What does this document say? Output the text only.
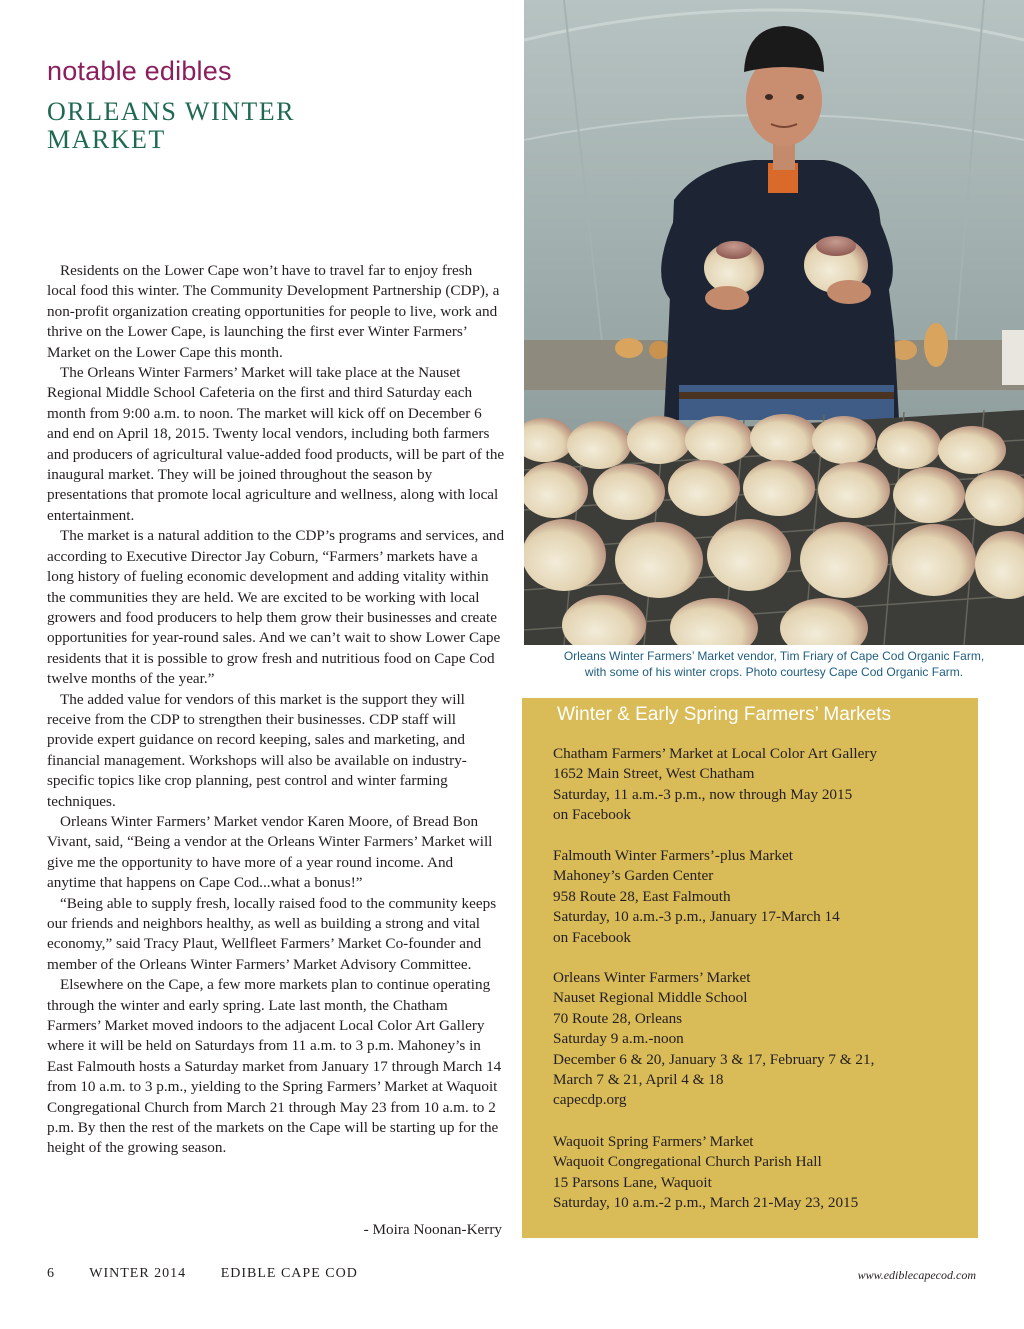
notable edibles
ORLEANS WINTER MARKET

Residents on the Lower Cape won’t have to travel far to enjoy fresh local food this winter. The Community Development Partnership (CDP), a non-profit organization creating opportunities for people to live, work and thrive on the Lower Cape, is launching the first ever Winter Farmers’ Market on the Lower Cape this month.

The Orleans Winter Farmers’ Market will take place at the Nauset Regional Middle School Cafeteria on the first and third Saturday each month from 9:00 a.m. to noon. The market will kick off on December 6 and end on April 18, 2015. Twenty local vendors, including both farmers and producers of agricultural value-added food products, will be part of the inaugural market. They will be joined throughout the season by presentations that promote local agriculture and wellness, along with local entertainment.

The market is a natural addition to the CDP’s programs and services, and according to Executive Director Jay Coburn, “Farmers’ markets have a long history of fueling economic development and adding vitality within the communities they are held. We are excited to be working with local growers and food producers to help them grow their businesses and create opportunities for year-round sales. And we can’t wait to show Lower Cape residents that it is possible to grow fresh and nutritious food on Cape Cod twelve months of the year.”

The added value for vendors of this market is the support they will receive from the CDP to strengthen their businesses. CDP staff will provide expert guidance on record keeping, sales and marketing, and financial management. Workshops will also be available on industry-specific topics like crop planning, pest control and winter farming techniques.

Orleans Winter Farmers’ Market vendor Karen Moore, of Bread Bon Vivant, said, “Being a vendor at the Orleans Winter Farmers’ Market will give me the opportunity to have more of a year round income. And anytime that happens on Cape Cod...what a bonus!”

“Being able to supply fresh, locally raised food to the community keeps our friends and neighbors healthy, as well as building a strong and vital economy,” said Tracy Plaut, Wellfleet Farmers’ Market Co-founder and member of the Orleans Winter Farmers’ Market Advisory Committee.

Elsewhere on the Cape, a few more markets plan to continue operating through the winter and early spring. Late last month, the Chatham Farmers’ Market moved indoors to the adjacent Local Color Art Gallery where it will be held on Saturdays from 11 a.m. to 3 p.m. Mahoney’s in East Falmouth hosts a Saturday market from January 17 through March 14 from 10 a.m. to 3 p.m., yielding to the Spring Farmers’ Market at Waquoit Congregational Church from March 21 through May 23 from 10 a.m. to 2 p.m. By then the rest of the markets on the Cape will be starting up for the height of the growing season.

- Moira Noonan-Kerry
Orleans Winter Farmers’ Market vendor, Tim Friary of Cape Cod Organic Farm,
with some of his winter crops. Photo courtesy Cape Cod Organic Farm.
Winter & Early Spring Farmers’ Markets
Chatham Farmers’ Market at Local Color Art Gallery
1652 Main Street, West Chatham
Saturday, 11 a.m.-3 p.m., now through May 2015
on Facebook
Falmouth Winter Farmers’-plus Market
Mahoney’s Garden Center
958 Route 28, East Falmouth
Saturday, 10 a.m.-3 p.m., January 17-March 14
on Facebook
Orleans Winter Farmers’ Market
Nauset Regional Middle School
70 Route 28, Orleans
Saturday 9 a.m.-noon
December 6 & 20, January 3 & 17, February 7 & 21,
March 7 & 21, April 4 & 18
capecdp.org
Waquoit Spring Farmers’ Market
Waquoit Congregational Church Parish Hall
15 Parsons Lane, Waquoit
Saturday, 10 a.m.-2 p.m., March 21-May 23, 2015
6 WINTER 2014 EDIBLE CAPE COD	www.ediblecapecod.com
